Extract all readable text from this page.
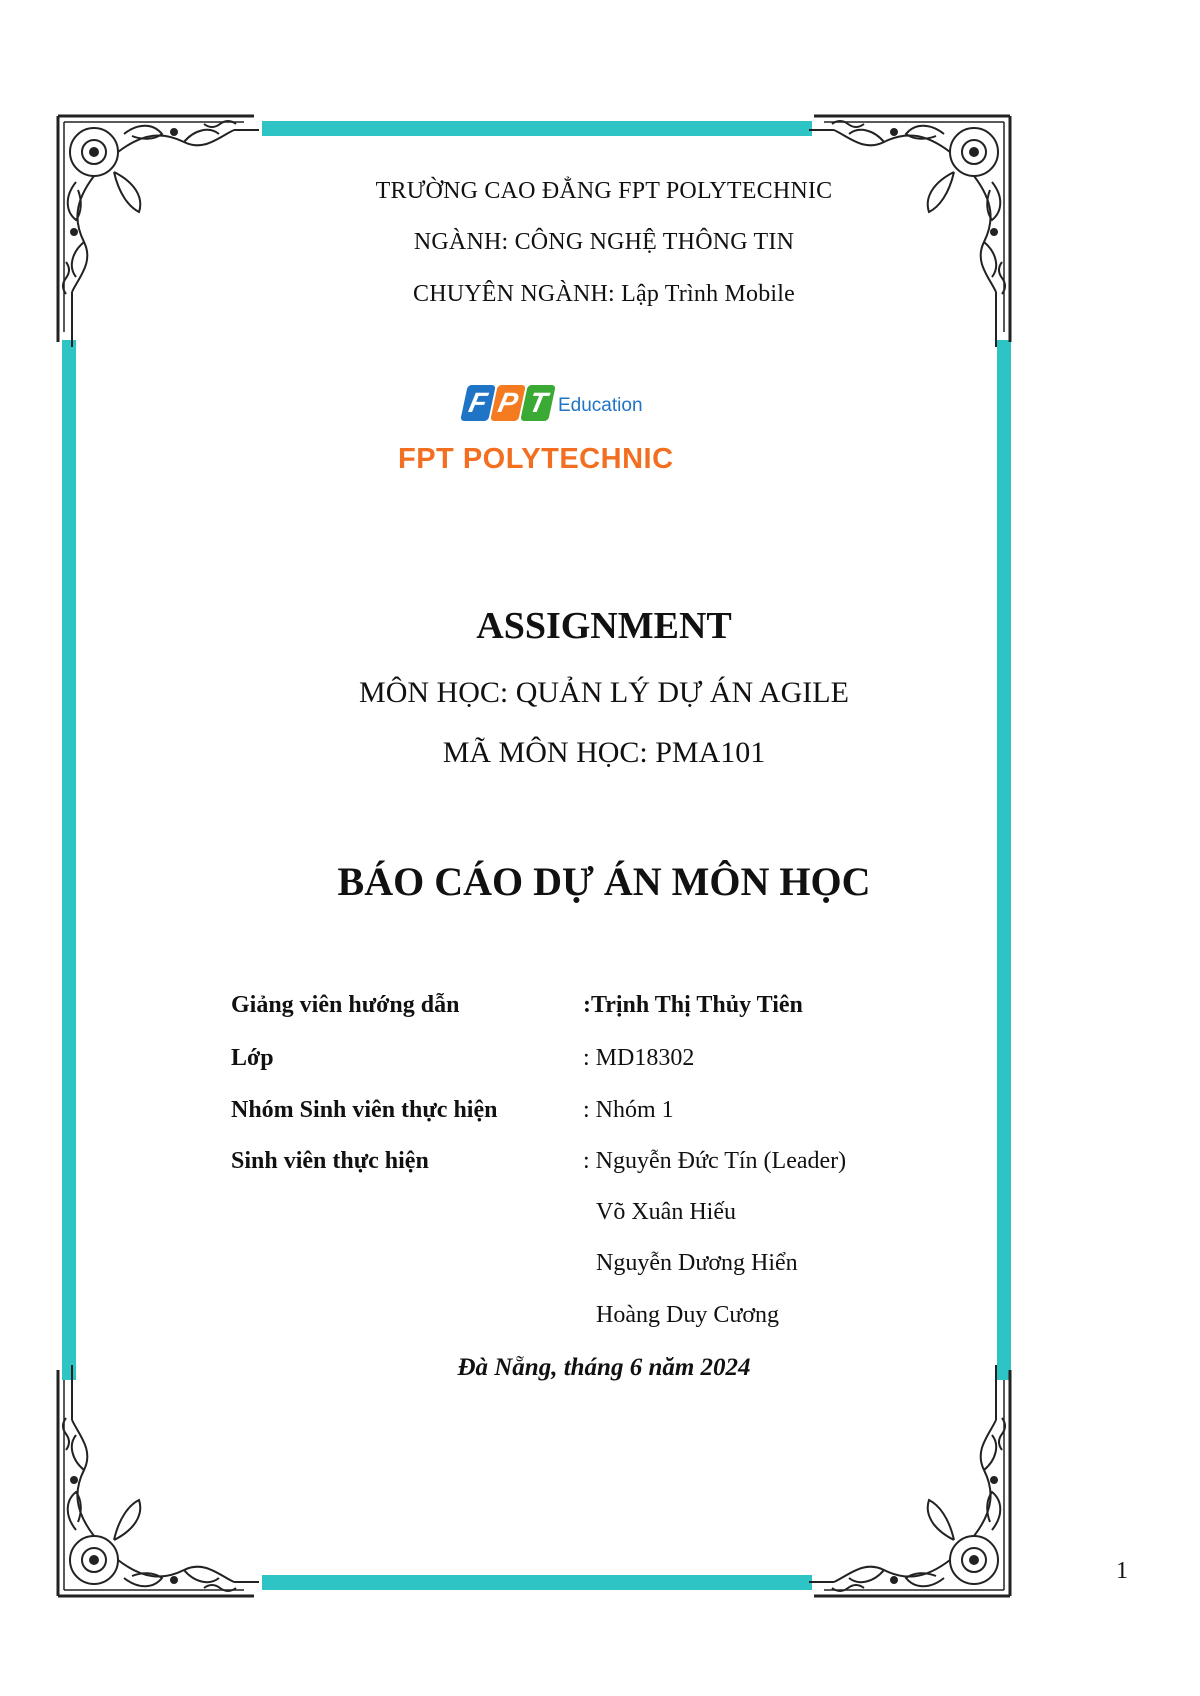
TRƯỜNG CAO ĐẲNG FPT POLYTECHNIC
NGÀNH: CÔNG NGHỆ THÔNG TIN
CHUYÊN NGÀNH: Lập Trình Mobile
F P T Education
FPT POLYTECHNIC
ASSIGNMENT
MÔN HỌC: QUẢN LÝ DỰ ÁN AGILE
MÃ MÔN HỌC: PMA101
BÁO CÁO DỰ ÁN MÔN HỌC
Giảng viên hướng dẫn	:Trịnh Thị Thủy Tiên
Lớp	: MD18302
Nhóm Sinh viên thực hiện	: Nhóm 1
Sinh viên thực hiện	: Nguyễn Đức Tín (Leader)
Võ Xuân Hiếu
Nguyễn Dương Hiển
Hoàng Duy Cương
Đà Nẵng, tháng 6 năm 2024
1
